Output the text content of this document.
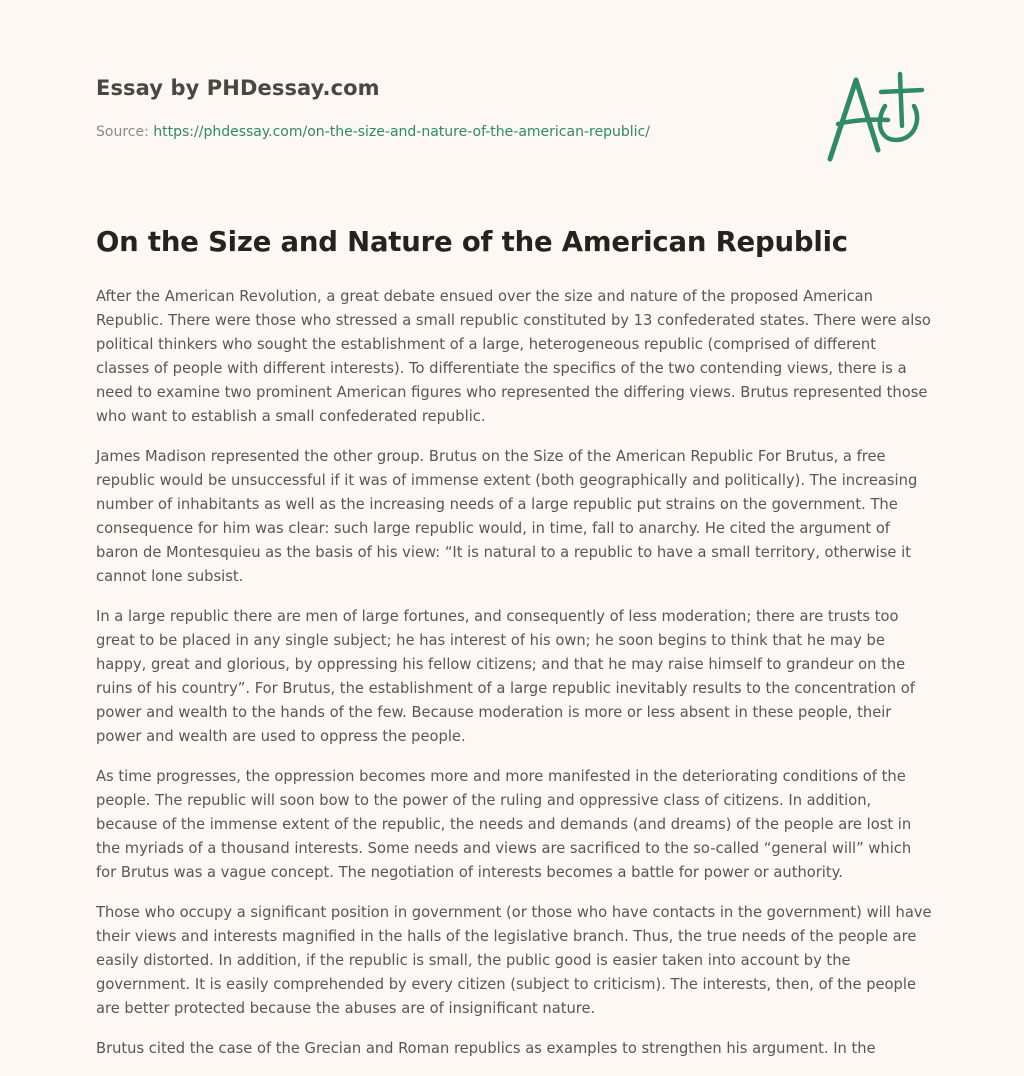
Essay by PHDessay.com
Source: https://phdessay.com/on-the-size-and-nature-of-the-american-republic/
On the Size and Nature of the American Republic

After the American Revolution, a great debate ensued over the size and nature of the proposed American Republic. There were those who stressed a small republic constituted by 13 confederated states. There were also political thinkers who sought the establishment of a large, heterogeneous republic (comprised of different classes of people with different interests). To differentiate the specifics of the two contending views, there is a need to examine two prominent American figures who represented the differing views. Brutus represented those who want to establish a small confederated republic.

James Madison represented the other group. Brutus on the Size of the American Republic For Brutus, a free republic would be unsuccessful if it was of immense extent (both geographically and politically). The increasing number of inhabitants as well as the increasing needs of a large republic put strains on the government. The consequence for him was clear: such large republic would, in time, fall to anarchy. He cited the argument of baron de Montesquieu as the basis of his view: “It is natural to a republic to have a small territory, otherwise it cannot lone subsist.

In a large republic there are men of large fortunes, and consequently of less moderation; there are trusts too great to be placed in any single subject; he has interest of his own; he soon begins to think that he may be happy, great and glorious, by oppressing his fellow citizens; and that he may raise himself to grandeur on the ruins of his country”. For Brutus, the establishment of a large republic inevitably results to the concentration of power and wealth to the hands of the few. Because moderation is more or less absent in these people, their power and wealth are used to oppress the people.

As time progresses, the oppression becomes more and more manifested in the deteriorating conditions of the people. The republic will soon bow to the power of the ruling and oppressive class of citizens. In addition, because of the immense extent of the republic, the needs and demands (and dreams) of the people are lost in the myriads of a thousand interests. Some needs and views are sacrificed to the so-called “general will” which for Brutus was a vague concept. The negotiation of interests becomes a battle for power or authority.

Those who occupy a significant position in government (or those who have contacts in the government) will have their views and interests magnified in the halls of the legislative branch. Thus, the true needs of the people are easily distorted. In addition, if the republic is small, the public good is easier taken into account by the government. It is easily comprehended by every citizen (subject to criticism). The interests, then, of the people are better protected because the abuses are of insignificant nature.

Brutus cited the case of the Grecian and Roman republics as examples to strengthen his argument. In the
